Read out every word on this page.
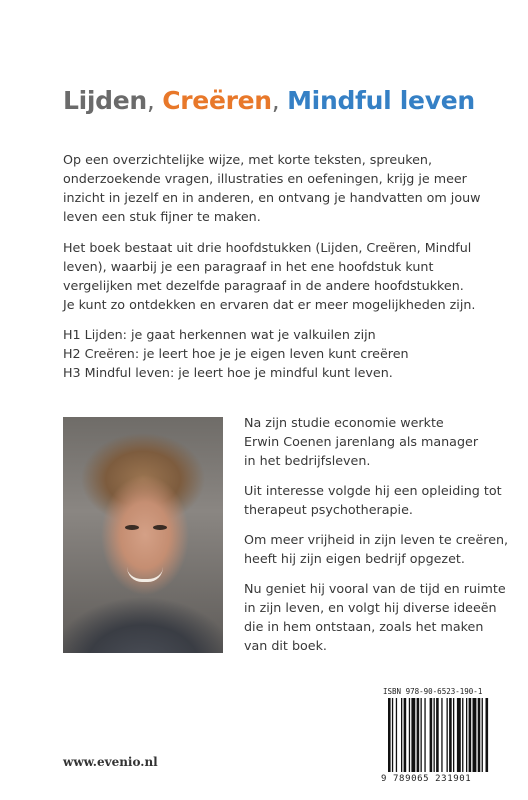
Lijden, Creëren, Mindful leven
Op een overzichtelijke wijze, met korte teksten, spreuken,
onderzoekende vragen, illustraties en oefeningen, krijg je meer
inzicht in jezelf en in anderen, en ontvang je handvatten om jouw
leven een stuk fijner te maken.
Het boek bestaat uit drie hoofdstukken (Lijden, Creëren, Mindful
leven), waarbij je een paragraaf in het ene hoofdstuk kunt
vergelijken met dezelfde paragraaf in de andere hoofdstukken.
Je kunt zo ontdekken en ervaren dat er meer mogelijkheden zijn.
H1 Lijden: je gaat herkennen wat je valkuilen zijn
H2 Creëren: je leert hoe je je eigen leven kunt creëren
H3 Mindful leven: je leert hoe je mindful kunt leven.
Na zijn studie economie werkte
Erwin Coenen jarenlang als manager
in het bedrijfsleven.
Uit interesse volgde hij een opleiding tot
therapeut psychotherapie.
Om meer vrijheid in zijn leven te creëren,
heeft hij zijn eigen bedrijf opgezet.
Nu geniet hij vooral van de tijd en ruimte
in zijn leven, en volgt hij diverse ideeën
die in hem ontstaan, zoals het maken
van dit boek.
www.evenio.nl
ISBN 978-90-6523-190-1
9 789065 231901
